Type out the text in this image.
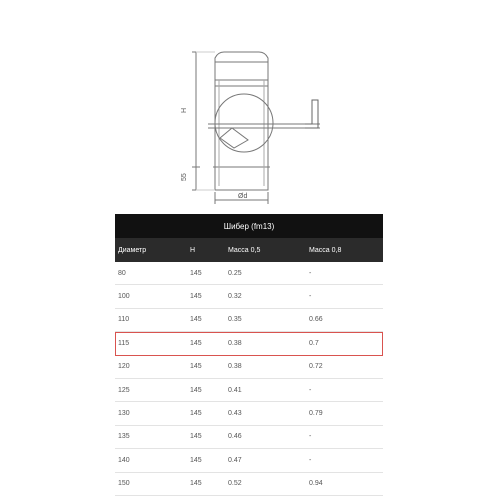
H
55
Ød
Шибер (fm13)
Диаметр	H	Масса 0,5	Масса 0,8
80	145	0.25	-
100	145	0.32	-
110	145	0.35	0.66
115	145	0.38	0.7
120	145	0.38	0.72
125	145	0.41	-
130	145	0.43	0.79
135	145	0.46	-
140	145	0.47	-
150	145	0.52	0.94
